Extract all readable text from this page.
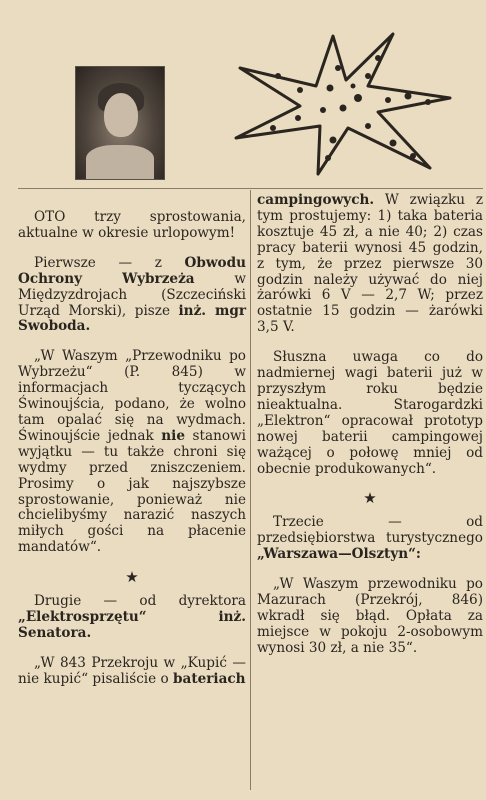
OTO trzy sprostowania, aktualne w okresie urlopowym!

Pierwsze — z Obwodu Ochrony Wybrzeża w Międzyzdrojach (Szczeciński Urząd Morski), pisze inż. mgr Swoboda.

„W Waszym „Przewodniku po Wybrzeżu“ (P. 845) w informacjach tyczących Świnoujścia, podano, że wolno tam opalać się na wydmach. Świnoujście jednak nie stanowi wyjątku — tu także chroni się wydmy przed zniszczeniem. Prosimy o jak najszybsze sprostowanie, ponieważ nie chcielibyśmy narazić naszych miłych gości na płacenie mandatów“.

★

Drugie — od dyrektora „Elektrosprzętu“ inż. Senatora.

„W 843 Przekroju w „Kupić — nie kupić“ pisaliście o bateriach

campingowych. W związku z tym prostujemy: 1) taka bateria kosztuje 45 zł, a nie 40; 2) czas pracy baterii wynosi 45 godzin, z tym, że przez pierwsze 30 godzin należy używać do niej żarówki 6 V — 2,7 W; przez ostatnie 15 godzin — żarówki 3,5 V.

Słuszna uwaga co do nadmiernej wagi baterii już w przyszłym roku będzie nieaktualna. Starogardzki „Elektron“ opracował prototyp nowej baterii campingowej ważącej o połowę mniej od obecnie produkowanych“.

★

Trzecie — od przedsiębiorstwa turystycznego „Warszawa—Olsztyn“:

„W Waszym przewodniku po Mazurach (Przekrój, 846) wkradł się błąd. Opłata za miejsce w pokoju 2-osobowym wynosi 30 zł, a nie 35“.
